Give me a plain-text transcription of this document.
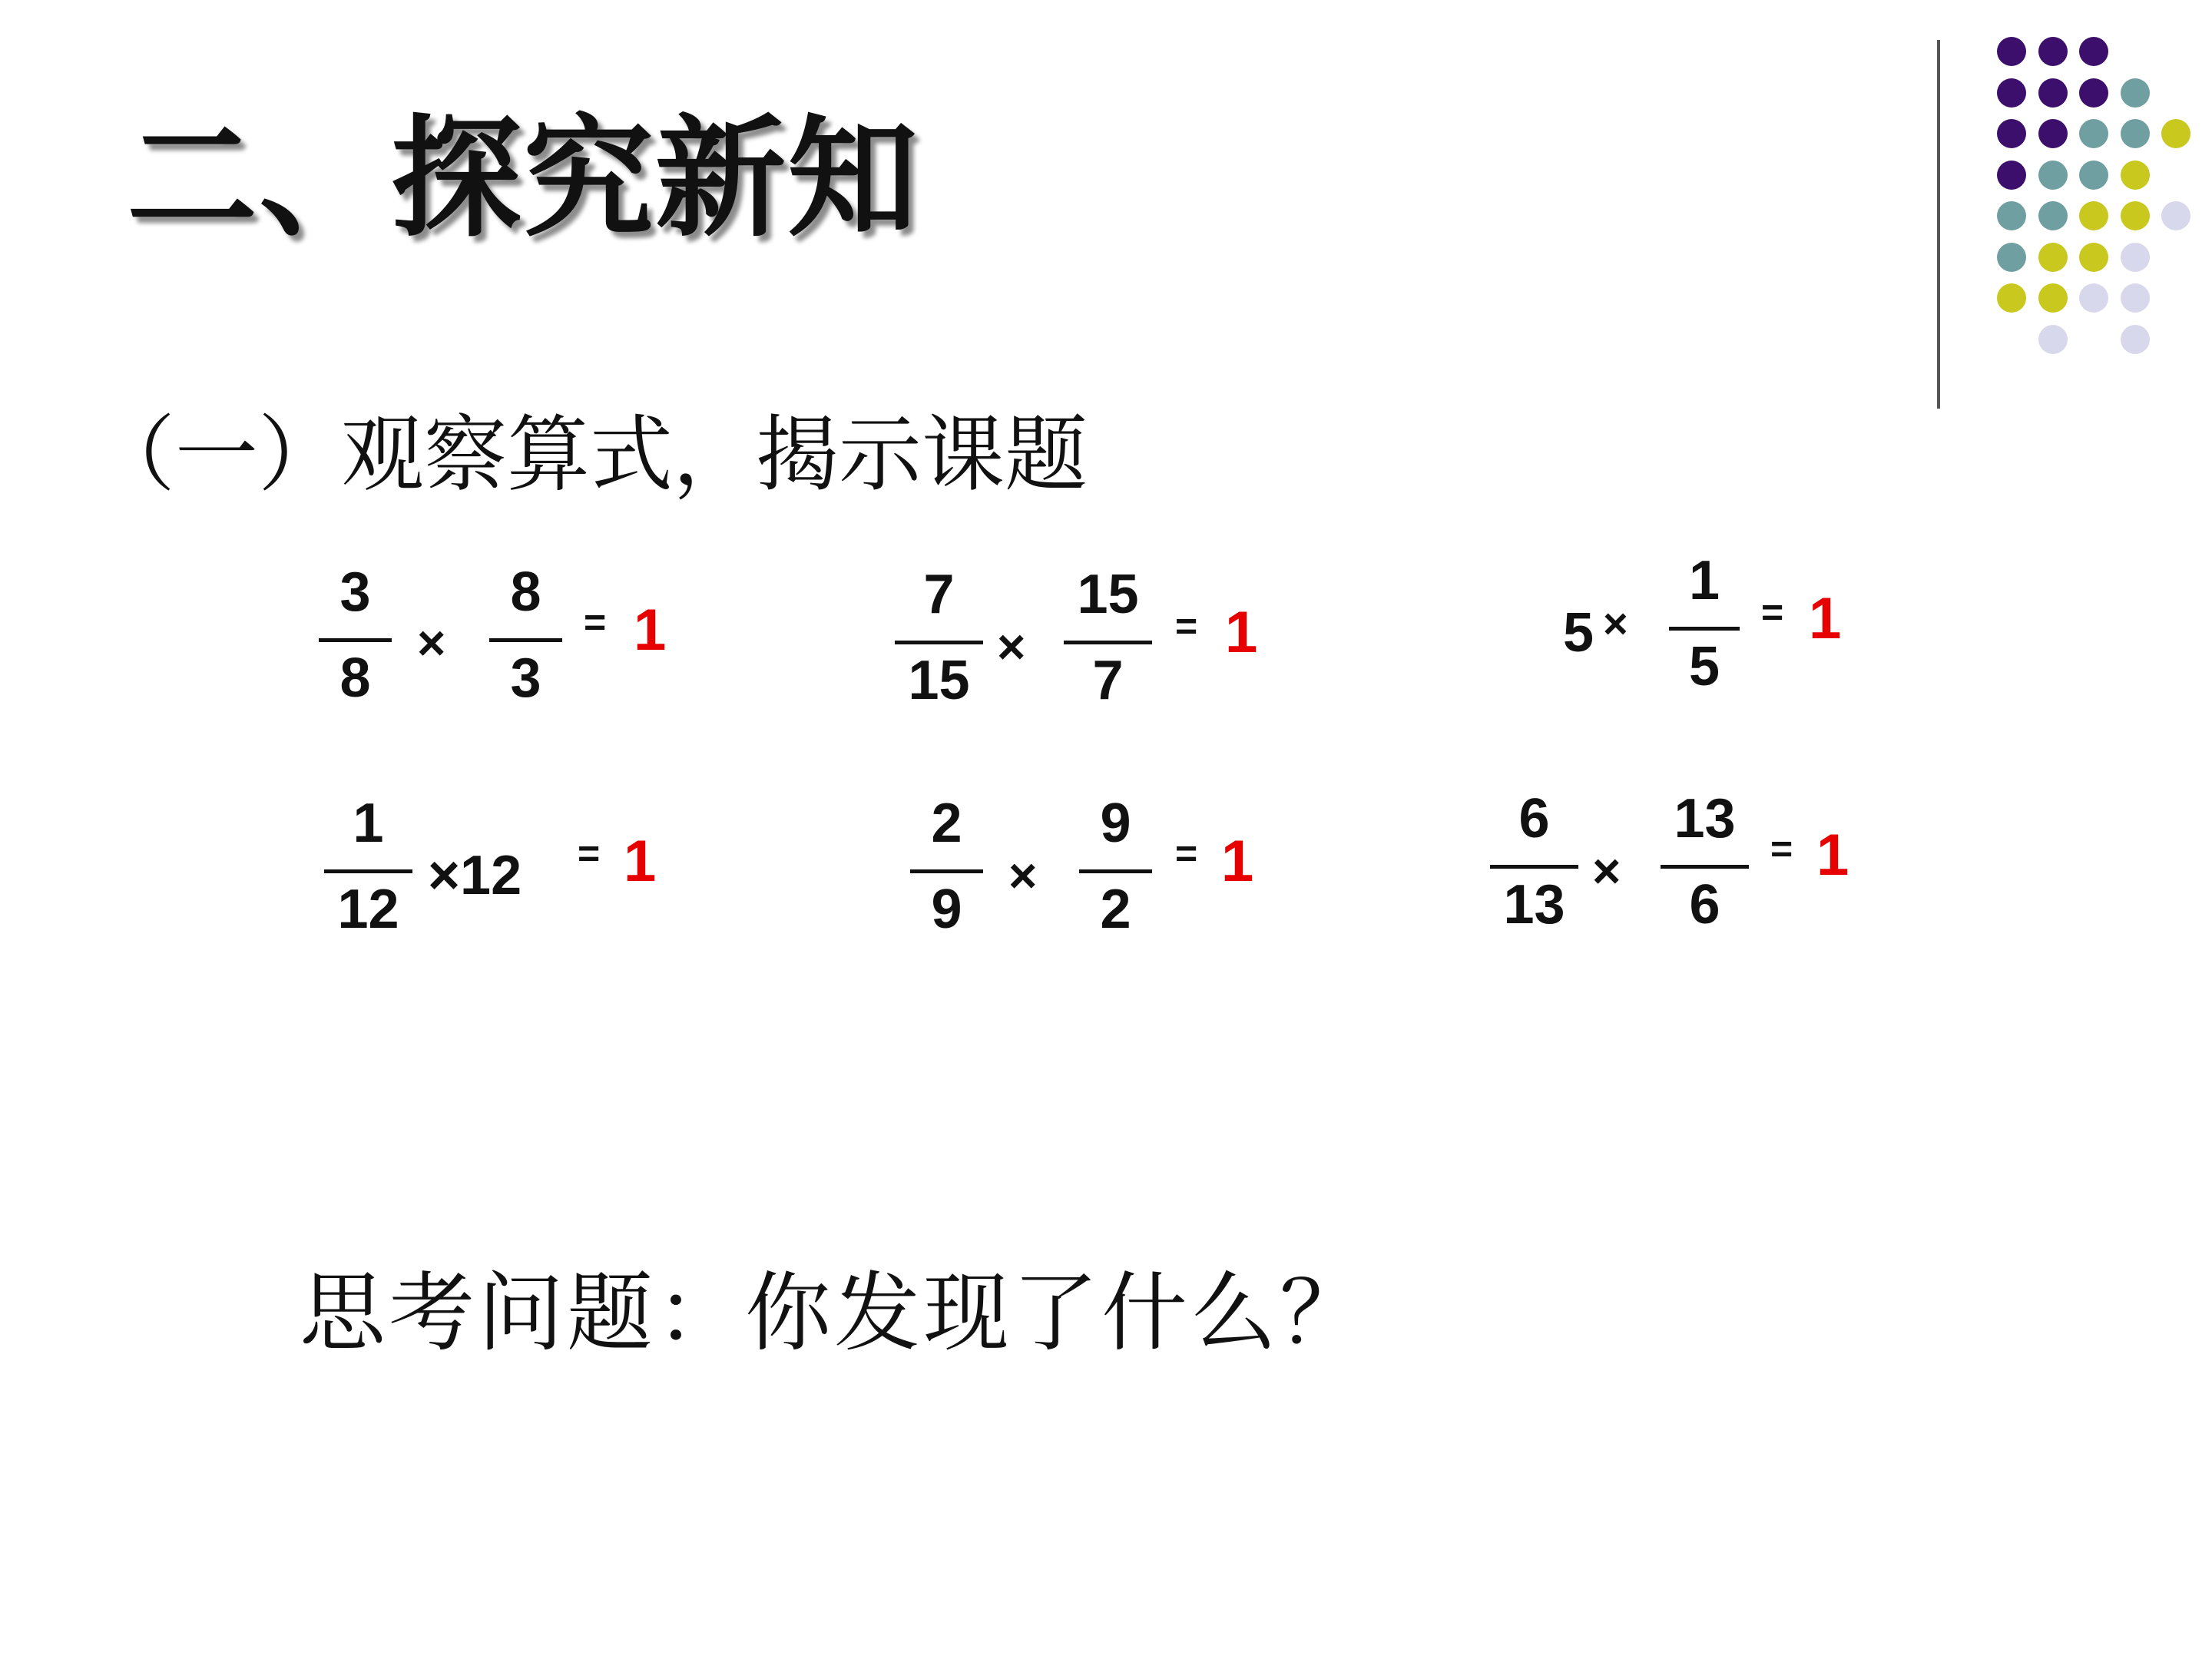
二、探究新知
（一）观察算式，揭示课题
3
8
×
8
3
= 1
7
15
×
15
7
= 1	5 ×
1
5
= 1
1
12
×12 = 1
2
9
×
9
2
= 1
6
13
×
13
6
= 1
思考问题：你发现了什么？
